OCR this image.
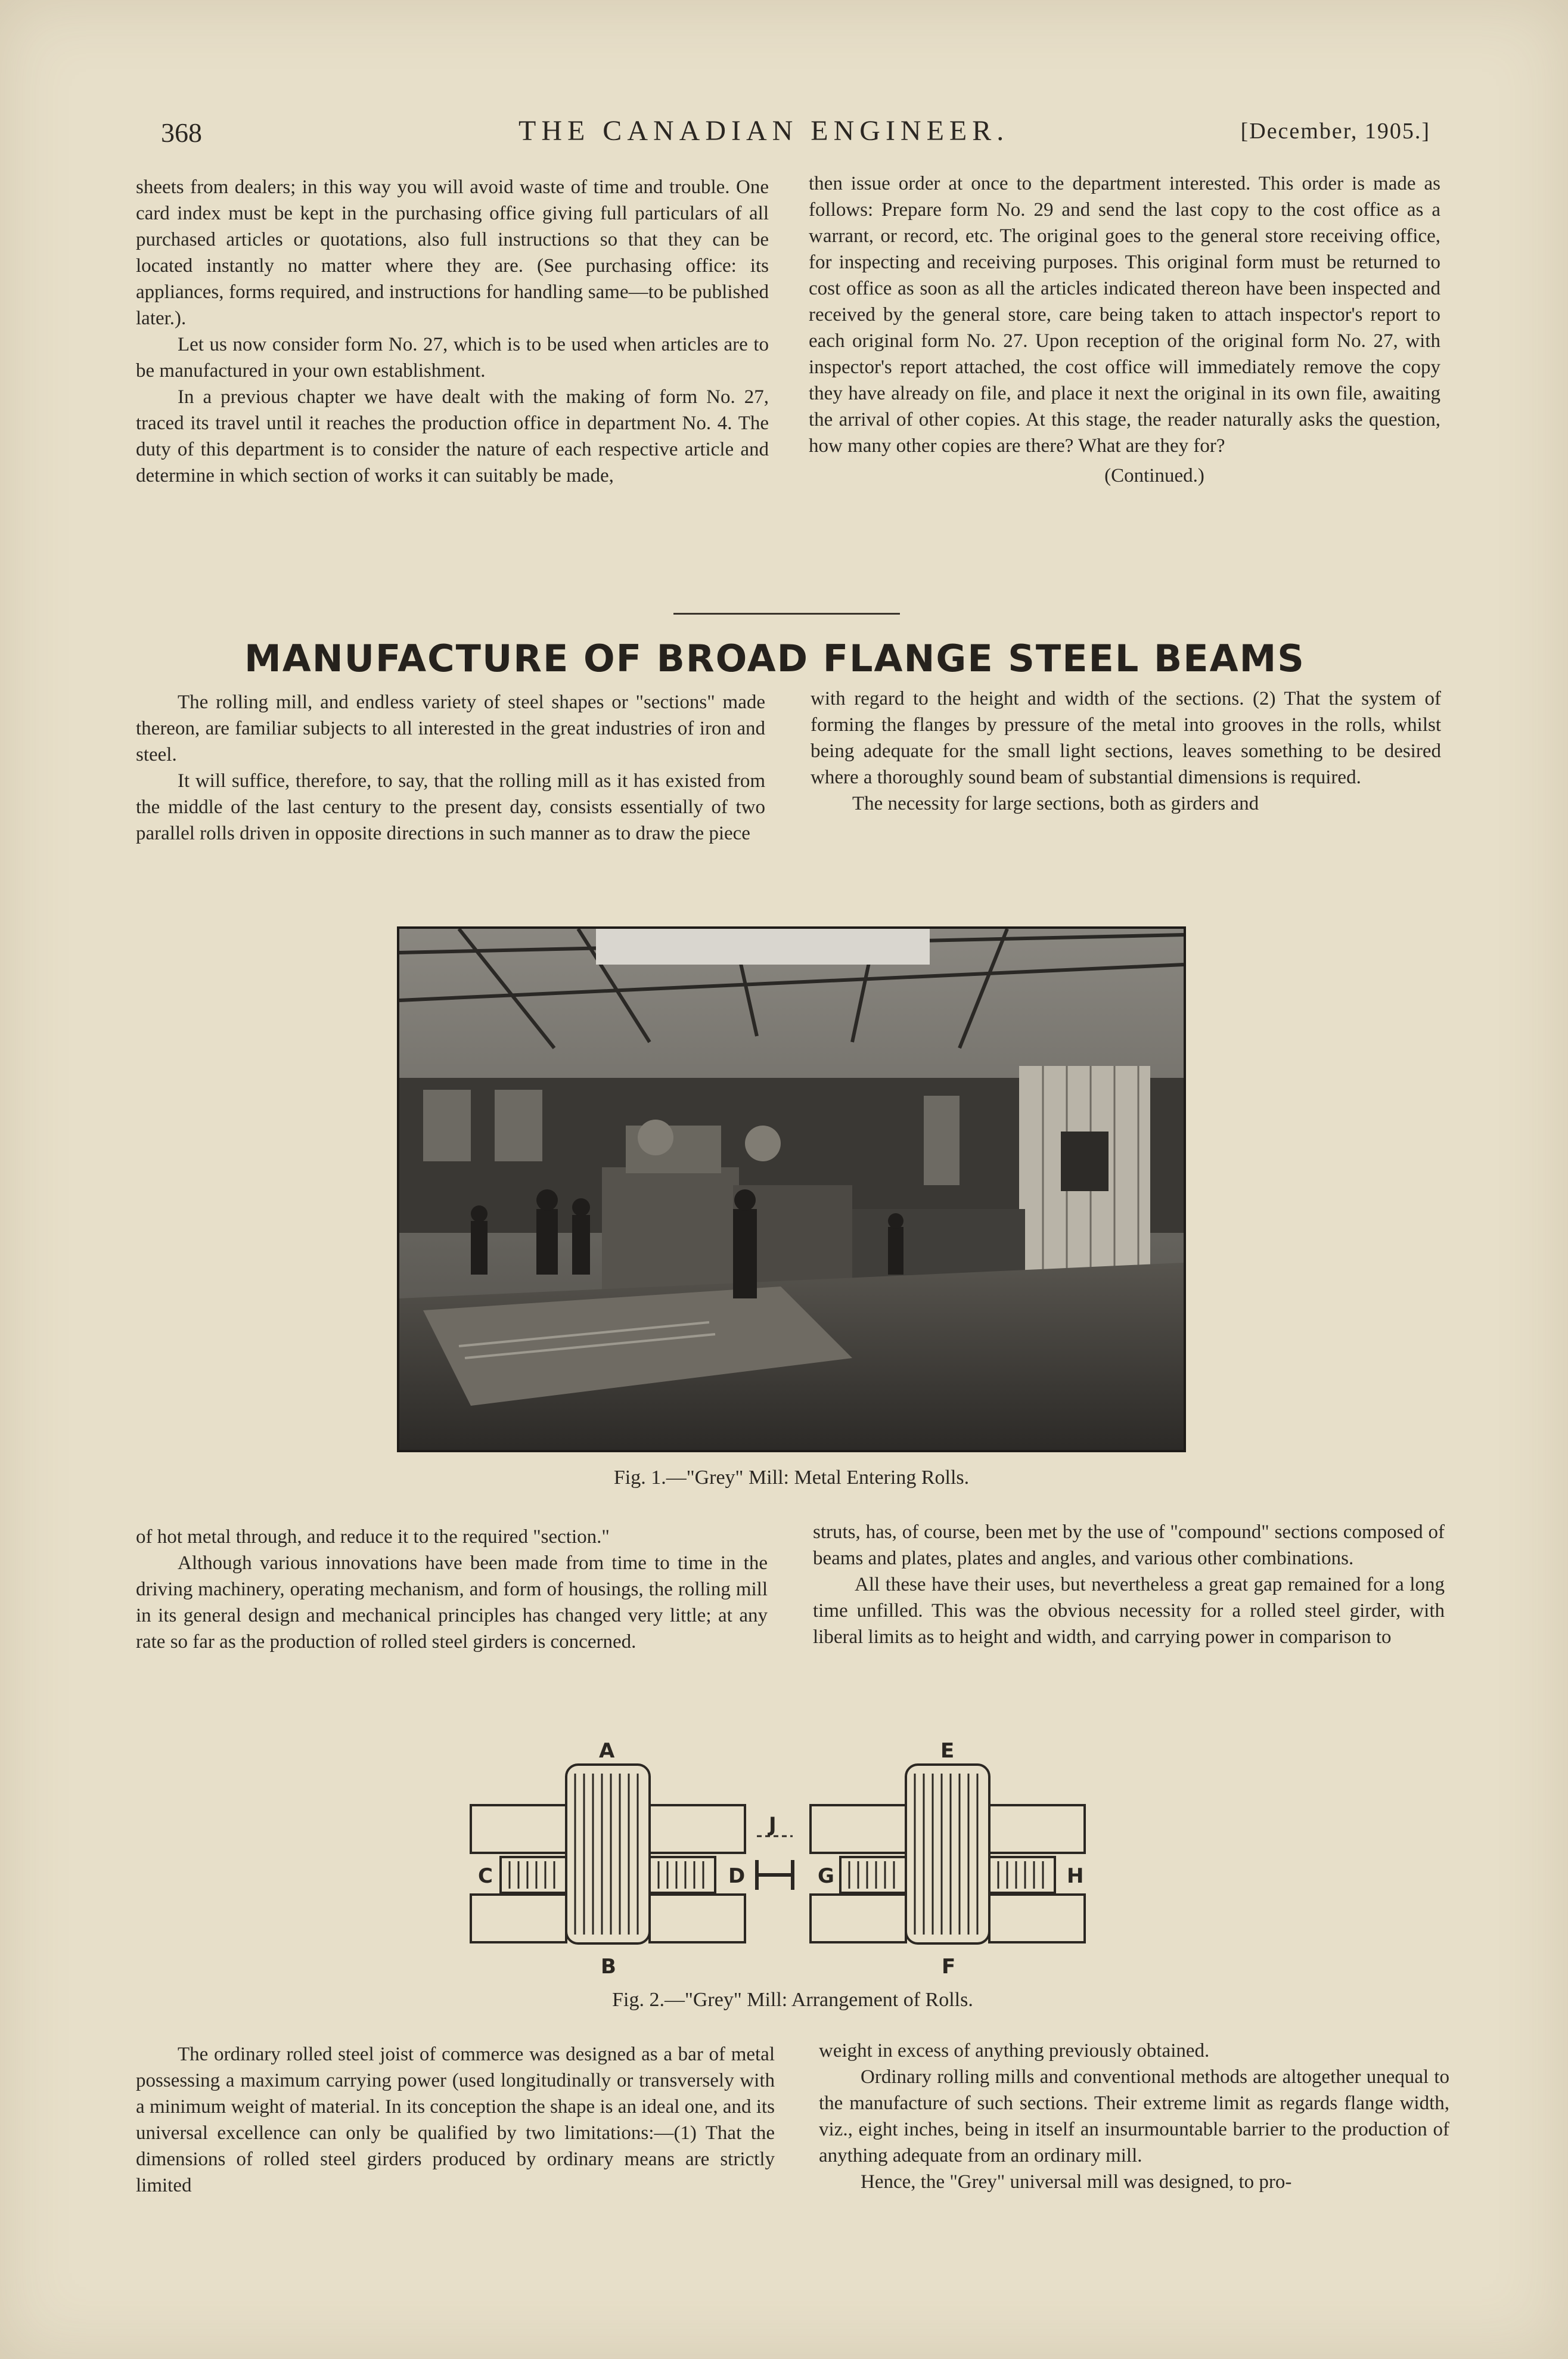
368	THE CANADIAN ENGINEER.	[December, 1905.]

sheets from dealers; in this way you will avoid waste of time and trouble. One card index must be kept in the purchasing office giving full particulars of all purchased articles or quotations, also full instructions so that they can be located instantly no matter where they are. (See purchasing office: its appliances, forms required, and instructions for handling same—to be published later.).

Let us now consider form No. 27, which is to be used when articles are to be manufactured in your own establishment.

In a previous chapter we have dealt with the making of form No. 27, traced its travel until it reaches the production office in department No. 4. The duty of this department is to consider the nature of each respective article and determine in which section of works it can suitably be made,

then issue order at once to the department interested. This order is made as follows: Prepare form No. 29 and send the last copy to the cost office as a warrant, or record, etc. The original goes to the general store receiving office, for inspecting and receiving purposes. This original form must be returned to cost office as soon as all the articles indicated thereon have been inspected and received by the general store, care being taken to attach inspector's report to each original form No. 27. Upon reception of the original form No. 27, with inspector's report attached, the cost office will immediately remove the copy they have already on file, and place it next the original in its own file, awaiting the arrival of other copies. At this stage, the reader naturally asks the question, how many other copies are there? What are they for?

(Continued.)

MANUFACTURE OF BROAD FLANGE STEEL BEAMS

The rolling mill, and endless variety of steel shapes or "sections" made thereon, are familiar subjects to all interested in the great industries of iron and steel.

It will suffice, therefore, to say, that the rolling mill as it has existed from the middle of the last century to the present day, consists essentially of two parallel rolls driven in opposite directions in such manner as to draw the piece

with regard to the height and width of the sections. (2) That the system of forming the flanges by pressure of the metal into grooves in the rolls, whilst being adequate for the small light sections, leaves something to be desired where a thoroughly sound beam of substantial dimensions is required.

The necessity for large sections, both as girders and

Fig. 1.—"Grey" Mill: Metal Entering Rolls.

of hot metal through, and reduce it to the required "section."

Although various innovations have been made from time to time in the driving machinery, operating mechanism, and form of housings, the rolling mill in its general design and mechanical principles has changed very little; at any rate so far as the production of rolled steel girders is concerned.

struts, has, of course, been met by the use of "compound" sections composed of beams and plates, plates and angles, and various other combinations.

All these have their uses, but nevertheless a great gap remained for a long time unfilled. This was the obvious necessity for a rolled steel girder, with liberal limits as to height and width, and carrying power in comparison to

A
B
C	D
E
F
G	H
J
Fig. 2.—"Grey" Mill: Arrangement of Rolls.

The ordinary rolled steel joist of commerce was designed as a bar of metal possessing a maximum carrying power (used longitudinally or transversely with a minimum weight of material. In its conception the shape is an ideal one, and its universal excellence can only be qualified by two limitations:—(1) That the dimensions of rolled steel girders produced by ordinary means are strictly limited

weight in excess of anything previously obtained.

Ordinary rolling mills and conventional methods are altogether unequal to the manufacture of such sections. Their extreme limit as regards flange width, viz., eight inches, being in itself an insurmountable barrier to the production of anything adequate from an ordinary mill.

Hence, the "Grey" universal mill was designed, to pro-
